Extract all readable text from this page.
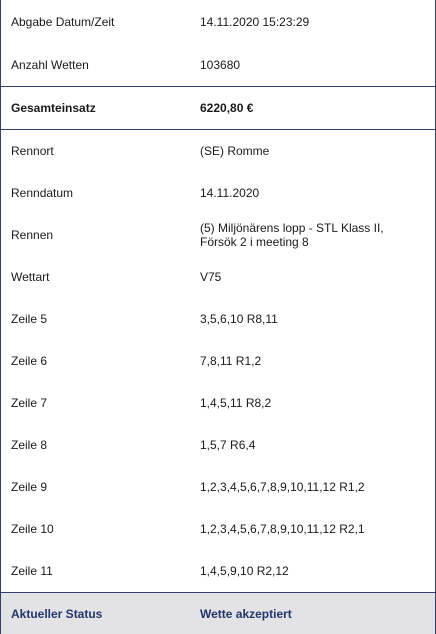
Abgabe Datum/Zeit	14.11.2020 15:23:29
Anzahl Wetten	103680
Gesamteinsatz	6220,80 €
Rennort	(SE) Romme
Renndatum	14.11.2020
Rennen	(5) Miljönärens lopp - STL Klass II,
Försök 2 i meeting 8
Wettart	V75
Zeile 5	3,5,6,10 R8,11
Zeile 6	7,8,11 R1,2
Zeile 7	1,4,5,11 R8,2
Zeile 8	1,5,7 R6,4
Zeile 9	1,2,3,4,5,6,7,8,9,10,11,12 R1,2
Zeile 10	1,2,3,4,5,6,7,8,9,10,11,12 R2,1
Zeile 11	1,4,5,9,10 R2,12
Aktueller Status	Wette akzeptiert
